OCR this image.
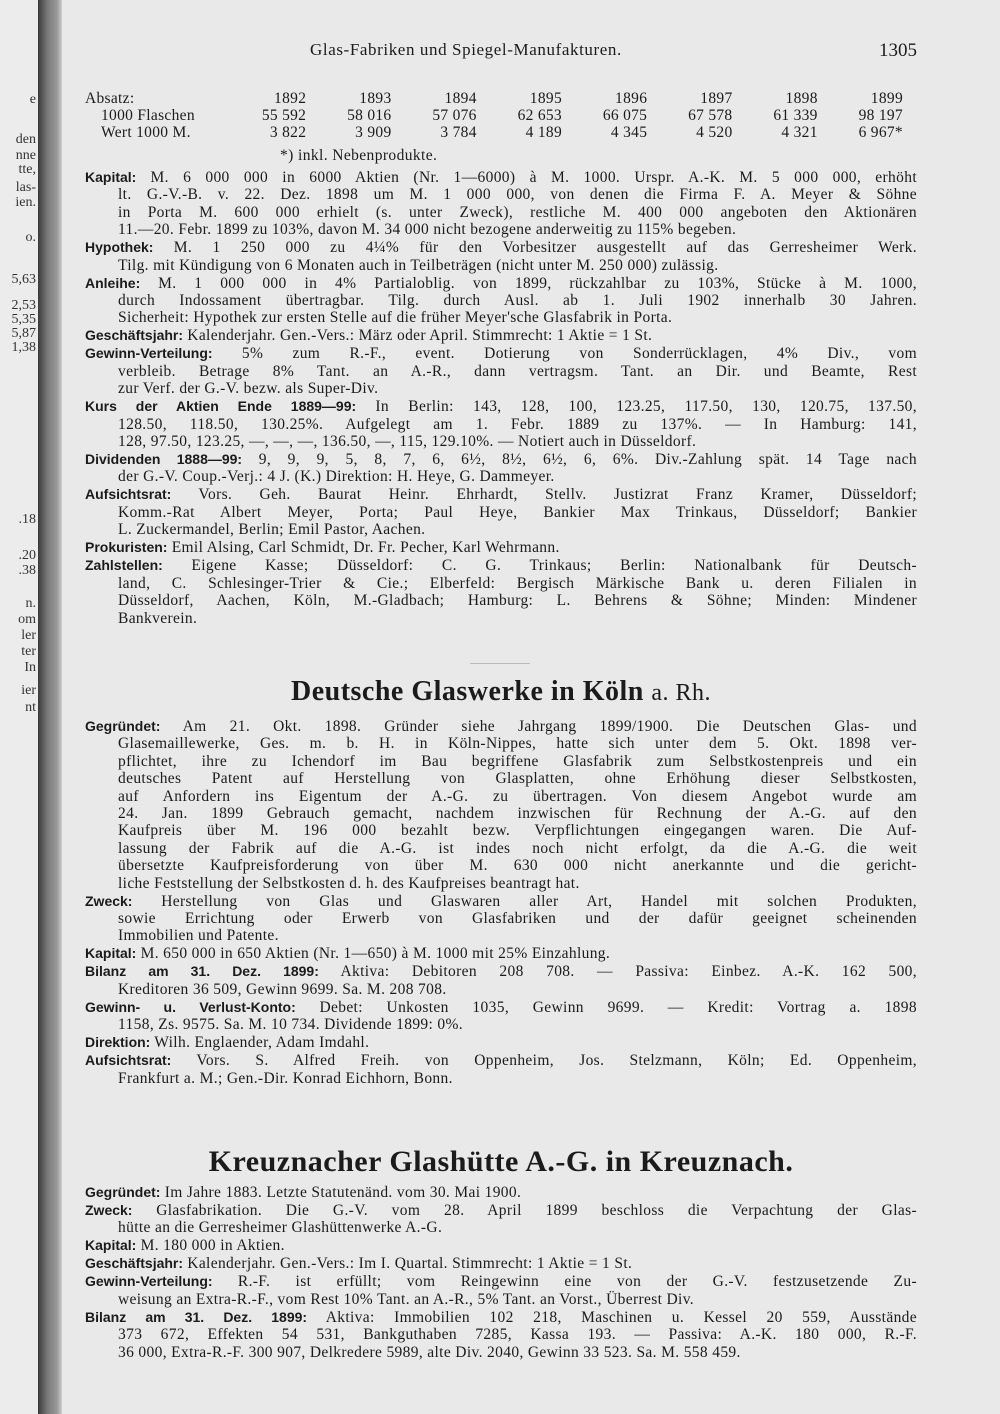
e
den
nne
tte,
las-
ien.
o.
5,63
2,53
5,35
5,87
1,38
.18
.20
.38
n.
om
ler
ter
In
ier
nt
Glas-Fabriken und Spiegel-Manufakturen.	1305
Absatz:	1892	1893	1894	1895	1896	1897	1898	1899
1000 Flaschen	55 592	58 016	57 076	62 653	66 075	67 578	61 339	98 197
Wert 1000 M.	3 822	3 909	3 784	4 189	4 345	4 520	4 321	6 967*
*) inkl. Nebenprodukte.
Kapital: M. 6 000 000 in 6000 Aktien (Nr. 1—6000) à M. 1000. Urspr. A.-K. M. 5 000 000, erhöht
lt. G.-V.-B. v. 22. Dez. 1898 um M. 1 000 000, von denen die Firma F. A. Meyer & Söhne
in Porta M. 600 000 erhielt (s. unter Zweck), restliche M. 400 000 angeboten den Aktionären
11.—20. Febr. 1899 zu 103%, davon M. 34 000 nicht bezogene anderweitig zu 115% begeben.
Hypothek: M. 1 250 000 zu 4¼% für den Vorbesitzer ausgestellt auf das Gerresheimer Werk.
Tilg. mit Kündigung von 6 Monaten auch in Teilbeträgen (nicht unter M. 250 000) zulässig.
Anleihe: M. 1 000 000 in 4% Partialoblig. von 1899, rückzahlbar zu 103%, Stücke à M. 1000,
durch Indossament übertragbar. Tilg. durch Ausl. ab 1. Juli 1902 innerhalb 30 Jahren.
Sicherheit: Hypothek zur ersten Stelle auf die früher Meyer'sche Glasfabrik in Porta.
Geschäftsjahr: Kalenderjahr. Gen.-Vers.: März oder April. Stimmrecht: 1 Aktie = 1 St.
Gewinn-Verteilung: 5% zum R.-F., event. Dotierung von Sonderrücklagen, 4% Div., vom
verbleib. Betrage 8% Tant. an A.-R., dann vertragsm. Tant. an Dir. und Beamte, Rest
zur Verf. der G.-V. bezw. als Super-Div.
Kurs der Aktien Ende 1889—99: In Berlin: 143, 128, 100, 123.25, 117.50, 130, 120.75, 137.50,
128.50, 118.50, 130.25%. Aufgelegt am 1. Febr. 1889 zu 137%. — In Hamburg: 141,
128, 97.50, 123.25, —, —, —, 136.50, —, 115, 129.10%. — Notiert auch in Düsseldorf.
Dividenden 1888—99: 9, 9, 9, 5, 8, 7, 6, 6½, 8½, 6½, 6, 6%. Div.-Zahlung spät. 14 Tage nach
der G.-V. Coup.-Verj.: 4 J. (K.) Direktion: H. Heye, G. Dammeyer.
Aufsichtsrat: Vors. Geh. Baurat Heinr. Ehrhardt, Stellv. Justizrat Franz Kramer, Düsseldorf;
Komm.-Rat Albert Meyer, Porta; Paul Heye, Bankier Max Trinkaus, Düsseldorf; Bankier
L. Zuckermandel, Berlin; Emil Pastor, Aachen.
Prokuristen: Emil Alsing, Carl Schmidt, Dr. Fr. Pecher, Karl Wehrmann.
Zahlstellen: Eigene Kasse; Düsseldorf: C. G. Trinkaus; Berlin: Nationalbank für Deutsch-
land, C. Schlesinger-Trier & Cie.; Elberfeld: Bergisch Märkische Bank u. deren Filialen in
Düsseldorf, Aachen, Köln, M.-Gladbach; Hamburg: L. Behrens & Söhne; Minden: Mindener
Bankverein.
Deutsche Glaswerke in Köln a. Rh.
Gegründet: Am 21. Okt. 1898. Gründer siehe Jahrgang 1899/1900. Die Deutschen Glas- und
Glasemaillewerke, Ges. m. b. H. in Köln-Nippes, hatte sich unter dem 5. Okt. 1898 ver-
pflichtet, ihre zu Ichendorf im Bau begriffene Glasfabrik zum Selbstkostenpreis und ein
deutsches Patent auf Herstellung von Glasplatten, ohne Erhöhung dieser Selbstkosten,
auf Anfordern ins Eigentum der A.-G. zu übertragen. Von diesem Angebot wurde am
24. Jan. 1899 Gebrauch gemacht, nachdem inzwischen für Rechnung der A.-G. auf den
Kaufpreis über M. 196 000 bezahlt bezw. Verpflichtungen eingegangen waren. Die Auf-
lassung der Fabrik auf die A.-G. ist indes noch nicht erfolgt, da die A.-G. die weit
übersetzte Kaufpreisforderung von über M. 630 000 nicht anerkannte und die gericht-
liche Feststellung der Selbstkosten d. h. des Kaufpreises beantragt hat.
Zweck: Herstellung von Glas und Glaswaren aller Art, Handel mit solchen Produkten,
sowie Errichtung oder Erwerb von Glasfabriken und der dafür geeignet scheinenden
Immobilien und Patente.
Kapital: M. 650 000 in 650 Aktien (Nr. 1—650) à M. 1000 mit 25% Einzahlung.
Bilanz am 31. Dez. 1899: Aktiva: Debitoren 208 708. — Passiva: Einbez. A.-K. 162 500,
Kreditoren 36 509, Gewinn 9699. Sa. M. 208 708.
Gewinn- u. Verlust-Konto: Debet: Unkosten 1035, Gewinn 9699. — Kredit: Vortrag a. 1898
1158, Zs. 9575. Sa. M. 10 734. Dividende 1899: 0%.
Direktion: Wilh. Englaender, Adam Imdahl.
Aufsichtsrat: Vors. S. Alfred Freih. von Oppenheim, Jos. Stelzmann, Köln; Ed. Oppenheim,
Frankfurt a. M.; Gen.-Dir. Konrad Eichhorn, Bonn.
Kreuznacher Glashütte A.-G. in Kreuznach.
Gegründet: Im Jahre 1883. Letzte Statutenänd. vom 30. Mai 1900.
Zweck: Glasfabrikation. Die G.-V. vom 28. April 1899 beschloss die Verpachtung der Glas-
hütte an die Gerresheimer Glashüttenwerke A.-G.
Kapital: M. 180 000 in Aktien.
Geschäftsjahr: Kalenderjahr. Gen.-Vers.: Im I. Quartal. Stimmrecht: 1 Aktie = 1 St.
Gewinn-Verteilung: R.-F. ist erfüllt; vom Reingewinn eine von der G.-V. festzusetzende Zu-
weisung an Extra-R.-F., vom Rest 10% Tant. an A.-R., 5% Tant. an Vorst., Überrest Div.
Bilanz am 31. Dez. 1899: Aktiva: Immobilien 102 218, Maschinen u. Kessel 20 559, Ausstände
373 672, Effekten 54 531, Bankguthaben 7285, Kassa 193. — Passiva: A.-K. 180 000, R.-F.
36 000, Extra-R.-F. 300 907, Delkredere 5989, alte Div. 2040, Gewinn 33 523. Sa. M. 558 459.
